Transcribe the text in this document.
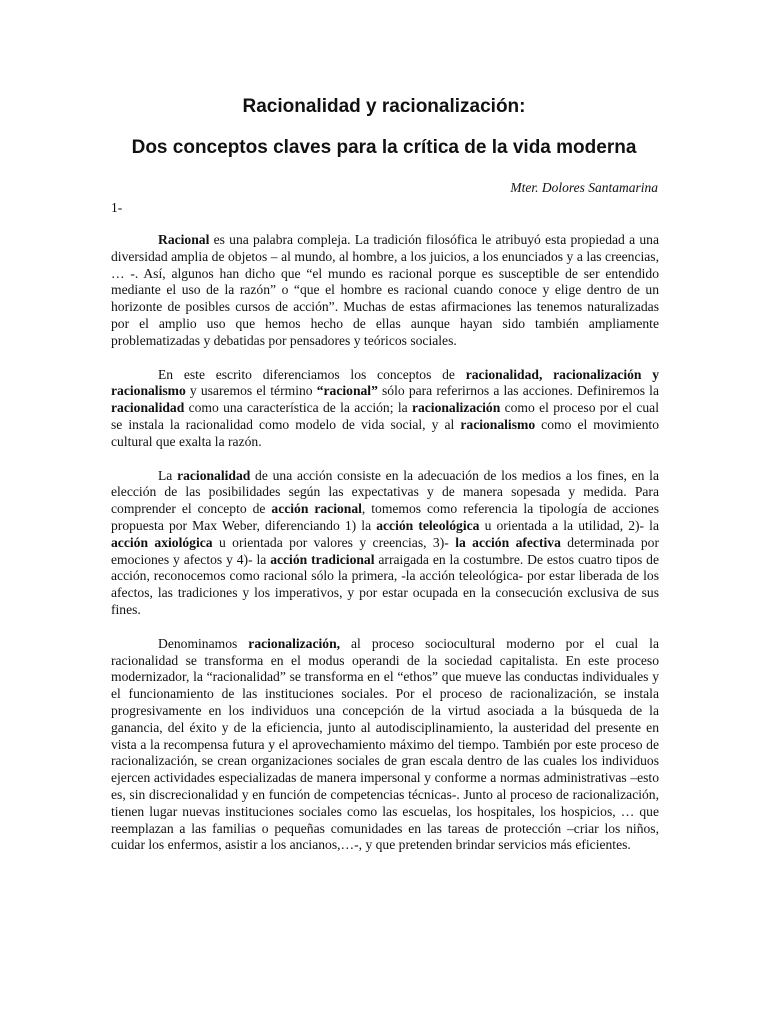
Racionalidad y racionalización:
Dos conceptos claves para la crítica de la vida moderna
Mter. Dolores Santamarina
1-

Racional es una palabra compleja. La tradición filosófica le atribuyó esta propiedad a una diversidad amplia de objetos – al mundo, al hombre, a los juicios, a los enunciados y a las creencias, … -. Así, algunos han dicho que “el mundo es racional porque es susceptible de ser entendido mediante el uso de la razón” o “que el hombre es racional cuando conoce y elige dentro de un horizonte de posibles cursos de acción”. Muchas de estas afirmaciones las tenemos naturalizadas por el amplio uso que hemos hecho de ellas aunque hayan sido también ampliamente problematizadas y debatidas por pensadores y teóricos sociales.

En este escrito diferenciamos los conceptos de racionalidad, racionalización y racionalismo y usaremos el término “racional” sólo para referirnos a las acciones. Definiremos la racionalidad como una característica de la acción; la racionalización como el proceso por el cual se instala la racionalidad como modelo de vida social, y al racionalismo como el movimiento cultural que exalta la razón.

La racionalidad de una acción consiste en la adecuación de los medios a los fines, en la elección de las posibilidades según las expectativas y de manera sopesada y medida. Para comprender el concepto de acción racional, tomemos como referencia la tipología de acciones propuesta por Max Weber, diferenciando 1) la acción teleológica u orientada a la utilidad, 2)- la acción axiológica u orientada por valores y creencias, 3)- la acción afectiva determinada por emociones y afectos y 4)- la acción tradicional arraigada en la costumbre. De estos cuatro tipos de acción, reconocemos como racional sólo la primera, -la acción teleológica- por estar liberada de los afectos, las tradiciones y los imperativos, y por estar ocupada en la consecución exclusiva de sus fines.

Denominamos racionalización, al proceso sociocultural moderno por el cual la racionalidad se transforma en el modus operandi de la sociedad capitalista. En este proceso modernizador, la “racionalidad” se transforma en el “ethos” que mueve las conductas individuales y el funcionamiento de las instituciones sociales. Por el proceso de racionalización, se instala progresivamente en los individuos una concepción de la virtud asociada a la búsqueda de la ganancia, del éxito y de la eficiencia, junto al autodisciplinamiento, la austeridad del presente en vista a la recompensa futura y el aprovechamiento máximo del tiempo. También por este proceso de racionalización, se crean organizaciones sociales de gran escala dentro de las cuales los individuos ejercen actividades especializadas de manera impersonal y conforme a normas administrativas –esto es, sin discrecionalidad y en función de competencias técnicas-. Junto al proceso de racionalización, tienen lugar nuevas instituciones sociales como las escuelas, los hospitales, los hospicios, … que reemplazan a las familias o pequeñas comunidades en las tareas de protección –criar los niños, cuidar los enfermos, asistir a los ancianos,…-, y que pretenden brindar servicios más eficientes.
